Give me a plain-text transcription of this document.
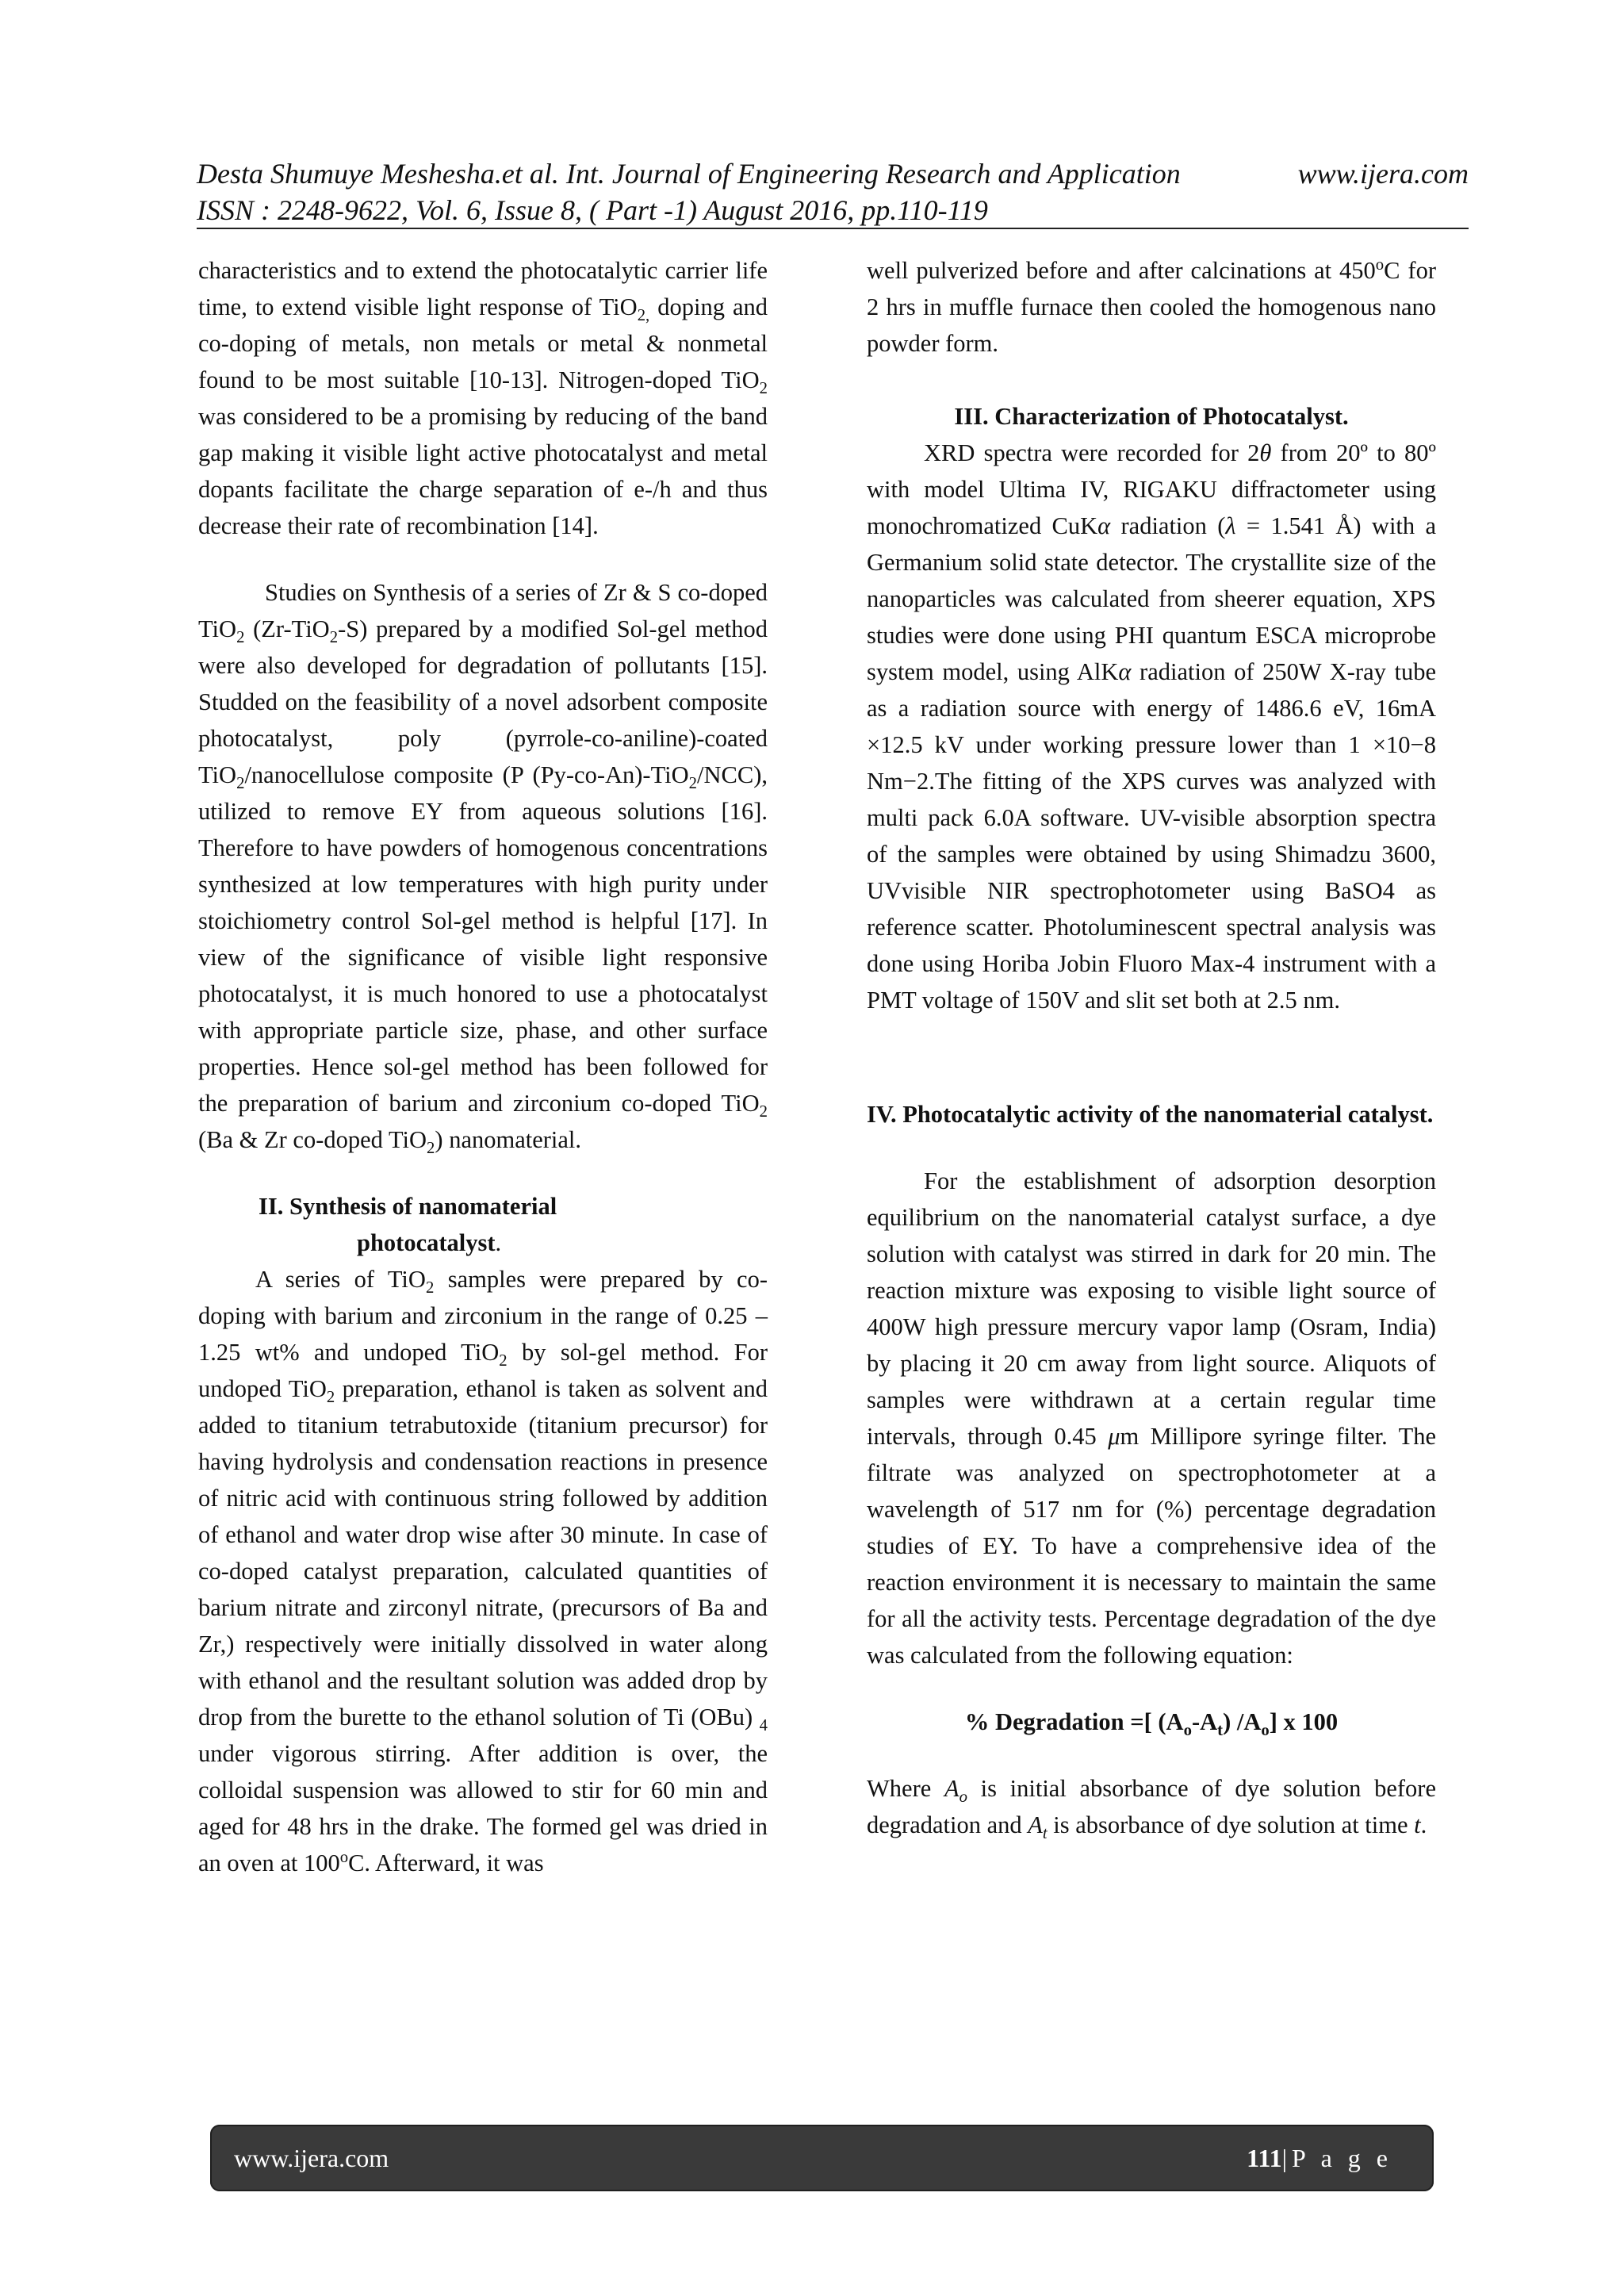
Desta Shumuye Meshesha.et al. Int. Journal of Engineering Research and Application	www.ijera.com
ISSN : 2248-9622, Vol. 6, Issue 8, ( Part -1) August 2016, pp.110-119

characteristics and to extend the photocatalytic carrier life time, to extend visible light response of TiO$_{2,}$ doping and co-doping of metals, non metals or metal & nonmetal found to be most suitable [10-13]. Nitrogen-doped TiO$_2$ was considered to be a promising by reducing of the band gap making it visible light active photocatalyst and metal dopants facilitate the charge separation of e-/h and thus decrease their rate of recombination [14].

Studies on Synthesis of a series of Zr & S co-doped TiO$_2$ (Zr-TiO$_2$-S) prepared by a modified Sol-gel method were also developed for degradation of pollutants [15]. Studded on the feasibility of a novel adsorbent composite photocatalyst, poly (pyrrole-co-aniline)-coated TiO$_2$/nanocellulose composite (P (Py-co-An)-TiO$_2$/NCC), utilized to remove EY from aqueous solutions [16]. Therefore to have powders of homogenous concentrations synthesized at low temperatures with high purity under stoichiometry control Sol-gel method is helpful [17]. In view of the significance of visible light responsive photocatalyst, it is much honored to use a photocatalyst with appropriate particle size, phase, and other surface properties. Hence sol-gel method has been followed for the preparation of barium and zirconium co-doped TiO$_2$ (Ba & Zr co-doped TiO$_2$) nanomaterial.

II. Synthesis of nanomaterial
photocatalyst.

A series of TiO$_2$ samples were prepared by co-doping with barium and zirconium in the range of 0.25 –1.25 wt% and undoped TiO$_2$ by sol-gel method. For undoped TiO$_2$ preparation, ethanol is taken as solvent and added to titanium tetrabutoxide (titanium precursor) for having hydrolysis and condensation reactions in presence of nitric acid with continuous string followed by addition of ethanol and water drop wise after 30 minute. In case of co-doped catalyst preparation, calculated quantities of barium nitrate and zirconyl nitrate, (precursors of Ba and Zr,) respectively were initially dissolved in water along with ethanol and the resultant solution was added drop by drop from the burette to the ethanol solution of Ti (OBu) $_4$ under vigorous stirring. After addition is over, the colloidal suspension was allowed to stir for 60 min and aged for 48 hrs in the drake. The formed gel was dried in an oven at 100$^o$C. Afterward, it was

well pulverized before and after calcinations at 450$^o$C for 2 hrs in muffle furnace then cooled the homogenous nano powder form.

III. Characterization of Photocatalyst.

XRD spectra were recorded for 2θ from 20º to 80º with model Ultima IV, RIGAKU diffractometer using monochromatized CuKα radiation (λ = 1.541 Å) with a Germanium solid state detector. The crystallite size of the nanoparticles was calculated from sheerer equation, XPS studies were done using PHI quantum ESCA microprobe system model, using AlKα radiation of 250W X-ray tube as a radiation source with energy of 1486.6 eV, 16mA ×12.5 kV under working pressure lower than 1 ×10−8 Nm−2.The fitting of the XPS curves was analyzed with multi pack 6.0A software. UV-visible absorption spectra of the samples were obtained by using Shimadzu 3600, UVvisible NIR spectrophotometer using BaSO4 as reference scatter. Photoluminescent spectral analysis was done using Horiba Jobin Fluoro Max-4 instrument with a PMT voltage of 150V and slit set both at 2.5 nm.

IV. Photocatalytic activity of the nanomaterial catalyst.

For the establishment of adsorption desorption equilibrium on the nanomaterial catalyst surface, a dye solution with catalyst was stirred in dark for 20 min. The reaction mixture was exposing to visible light source of 400W high pressure mercury vapor lamp (Osram, India) by placing it 20 cm away from light source. Aliquots of samples were withdrawn at a certain regular time intervals, through 0.45 μm Millipore syringe filter. The filtrate was analyzed on spectrophotometer at a wavelength of 517 nm for (%) percentage degradation studies of EY. To have a comprehensive idea of the reaction environment it is necessary to maintain the same for all the activity tests. Percentage degradation of the dye was calculated from the following equation:

% Degradation =[ $(A_o-A_t)$ $/A_o$] x 100

Where $A_o$ is initial absorbance of dye solution before degradation and $A_t$ is absorbance of dye solution at time t.

www.ijera.com	111|P a g e
